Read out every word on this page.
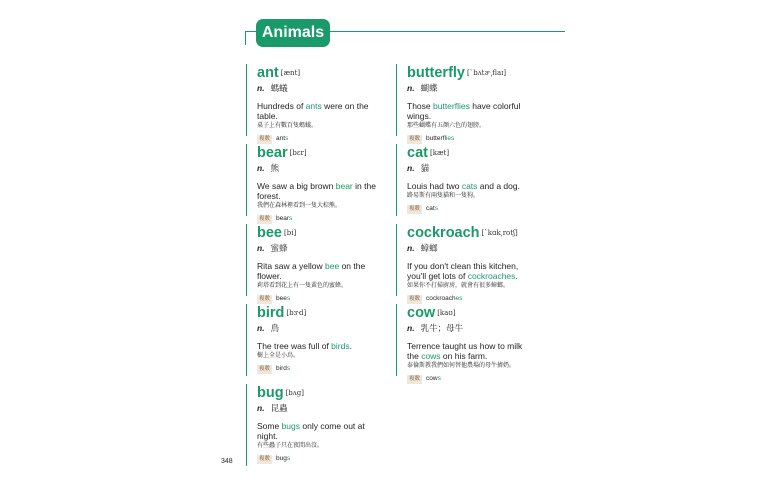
Animals
ant [ænt]
n. 螞蟻
Hundreds of ants were on the table.
桌子上有數百隻螞蟻。
複數 ants
bear [bɛr]
n. 熊
We saw a big brown bear in the forest.
我們在森林裡看到一隻大棕熊。
複數 bears
bee [bi]
n. 蜜蜂
Rita saw a yellow bee on the flower.
莉塔看到花上有一隻黃色的蜜蜂。
複數 bees
bird [bɝd]
n. 鳥
The tree was full of birds.
樹上全是小鳥。
複數 birds
bug [bʌg]
n. 昆蟲
Some bugs only come out at night.
有些蟲子只在夜間出沒。
複數 bugs
butterfly [ˋbʌtɚ͵flaɪ]
n. 蝴蝶
Those butterflies have colorful wings.
那些蝴蝶有五顏六色的翅膀。
複數 butterflies
cat [kæt]
n. 貓
Louis had two cats and a dog.
路易斯有兩隻貓和一隻狗。
複數 cats
cockroach [ˋkɑk͵rotʃ]
n. 蟑螂
If you don't clean this kitchen, you'll get lots of cockroaches.
如果你不打掃廚房，就會有很多蟑螂。
複數 cockroaches
cow [kaʊ]
n. 乳牛；母牛
Terrence taught us how to milk the cows on his farm.
泰倫斯教我們如何替他農場的母牛擠奶。
複數 cows
348
